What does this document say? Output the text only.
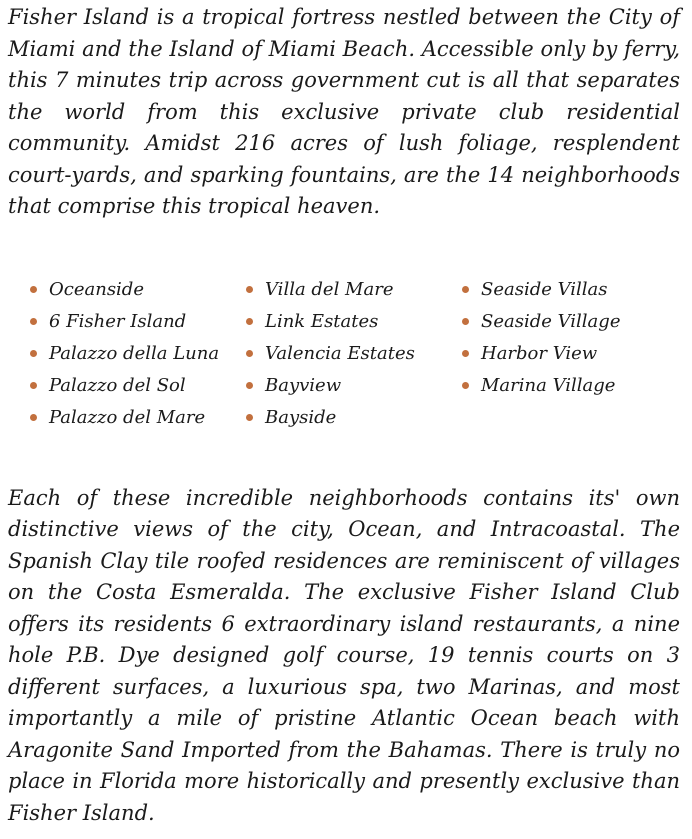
Fisher Island is a tropical fortress nestled between the City of Miami and the Island of Miami Beach. Accessible only by ferry, this 7 minutes trip across government cut is all that separates the world from this exclusive private club residential community. Amidst 216 acres of lush foliage, resplendent court-yards, and sparking fountains, are the 14 neighborhoods that comprise this tropical heaven.

Oceanside
6 Fisher Island
Palazzo della Luna
Palazzo del Sol
Palazzo del Mare
Villa del Mare
Link Estates
Valencia Estates
Bayview
Bayside
Seaside Villas
Seaside Village
Harbor View
Marina Village

Each of these incredible neighborhoods contains its' own distinctive views of the city, Ocean, and Intracoastal. The Spanish Clay tile roofed residences are reminiscent of villages on the Costa Esmeralda. The exclusive Fisher Island Club offers its residents 6 extraordinary island restaurants, a nine hole P.B. Dye designed golf course, 19 tennis courts on 3 different surfaces, a luxurious spa, two Marinas, and most importantly a mile of pristine Atlantic Ocean beach with Aragonite Sand Imported from the Bahamas. There is truly no place in Florida more historically and presently exclusive than Fisher Island.
